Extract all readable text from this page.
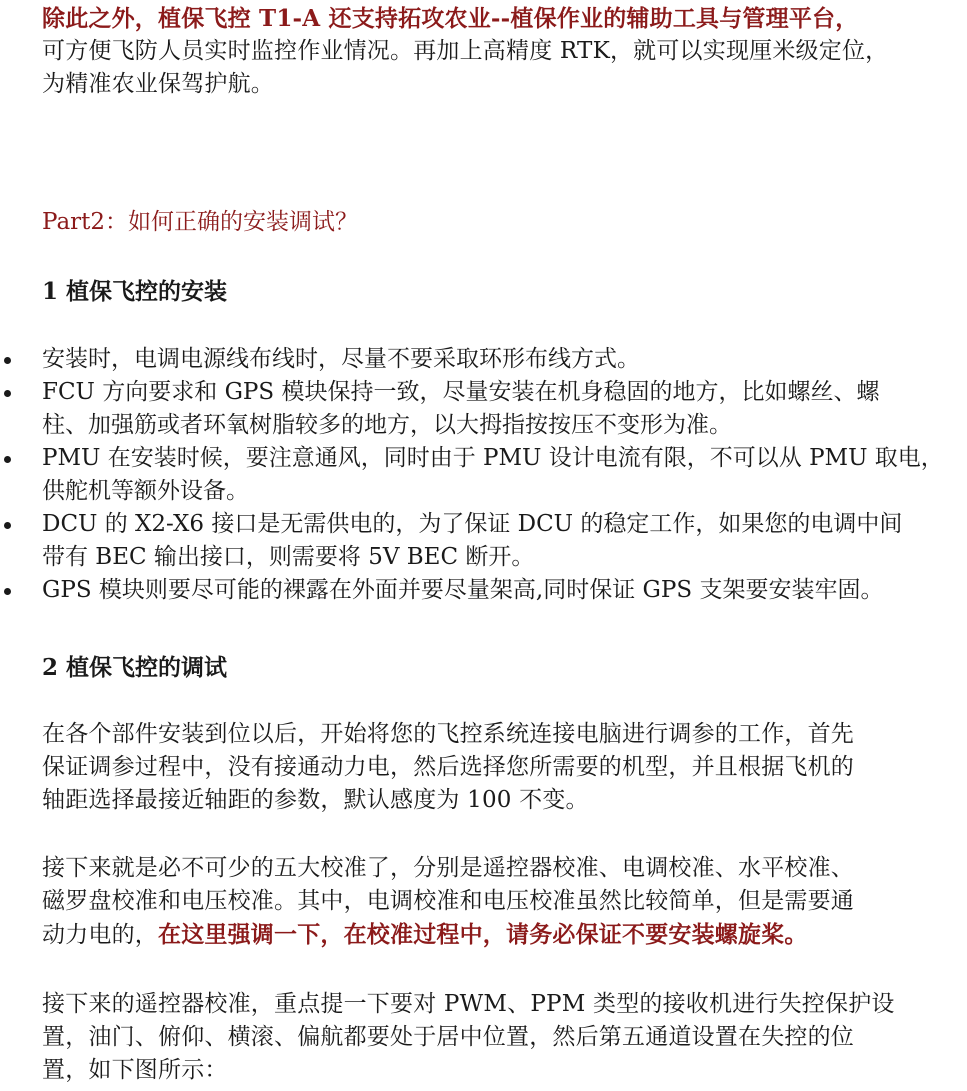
除此之外，植保飞控 T1-A 还支持拓攻农业--植保作业的辅助工具与管理平台，
可方便飞防人员实时监控作业情况。再加上高精度 RTK，就可以实现厘米级定位，
为精准农业保驾护航。

Part2：如何正确的安装调试？

1 植保飞控的安装

安装时，电调电源线布线时，尽量不要采取环形布线方式。
FCU 方向要求和 GPS 模块保持一致，尽量安装在机身稳固的地方，比如螺丝、螺
柱、加强筋或者环氧树脂较多的地方，以大拇指按按压不变形为准。
PMU 在安装时候，要注意通风，同时由于 PMU 设计电流有限，不可以从 PMU 取电，
供舵机等额外设备。
DCU 的 X2-X6 接口是无需供电的，为了保证 DCU 的稳定工作，如果您的电调中间
带有 BEC 输出接口，则需要将 5V BEC 断开。
GPS 模块则要尽可能的裸露在外面并要尽量架高,同时保证 GPS 支架要安装牢固。

2 植保飞控的调试

在各个部件安装到位以后，开始将您的飞控系统连接电脑进行调参的工作，首先
保证调参过程中，没有接通动力电，然后选择您所需要的机型，并且根据飞机的
轴距选择最接近轴距的参数，默认感度为 100 不变。
接下来就是必不可少的五大校准了，分别是遥控器校准、电调校准、水平校准、
磁罗盘校准和电压校准。其中，电调校准和电压校准虽然比较简单，但是需要通
动力电的，在这里强调一下，在校准过程中，请务必保证不要安装螺旋桨。
接下来的遥控器校准，重点提一下要对 PWM、PPM 类型的接收机进行失控保护设
置，油门、俯仰、横滚、偏航都要处于居中位置，然后第五通道设置在失控的位
置，如下图所示：
